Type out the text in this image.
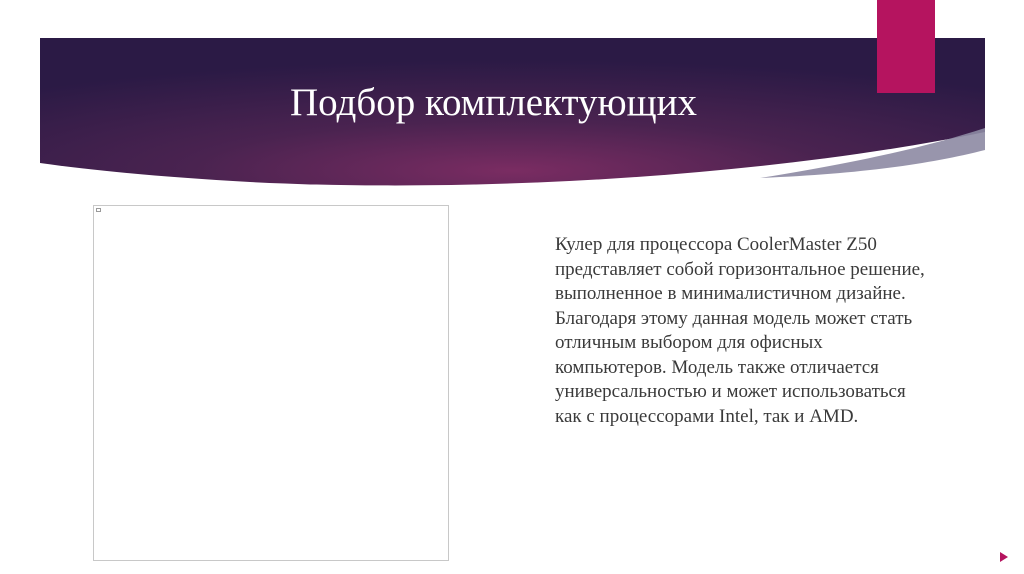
Подбор комплектующих

Кулер для процессора CoolerMaster Z50 представляет собой горизонтальное решение, выполненное в минималистичном дизайне. Благодаря этому данная модель может стать отличным выбором для офисных компьютеров. Модель также отличается универсальностью и может использоваться как с процессорами Intel, так и AMD.
